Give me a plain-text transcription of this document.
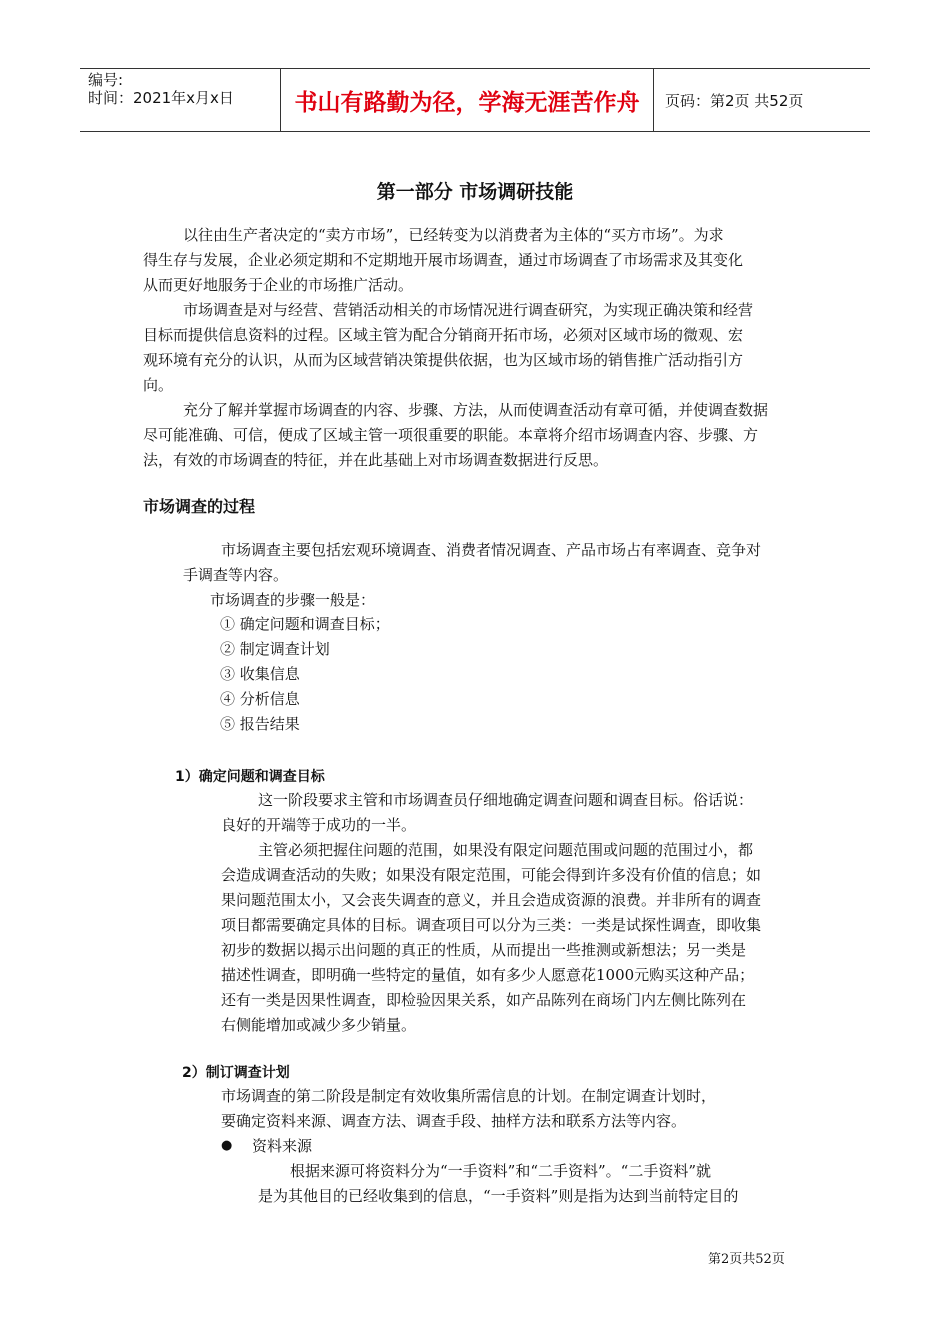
编号:
时间：2021年x月x日	书山有路勤为径，学海无涯苦作舟	页码：第2页 共52页
第一部分 市场调研技能
以往由生产者决定的“卖方市场”，已经转变为以消费者为主体的“买方市场”。为求
得生存与发展，企业必须定期和不定期地开展市场调查，通过市场调查了市场需求及其变化
从而更好地服务于企业的市场推广活动。
市场调查是对与经营、营销活动相关的市场情况进行调查研究，为实现正确决策和经营
目标而提供信息资料的过程。区域主管为配合分销商开拓市场，必须对区域市场的微观、宏
观环境有充分的认识，从而为区域营销决策提供依据，也为区域市场的销售推广活动指引方
向。
充分了解并掌握市场调查的内容、步骤、方法，从而使调查活动有章可循，并使调查数据
尽可能准确、可信，便成了区域主管一项很重要的职能。本章将介绍市场调查内容、步骤、方
法，有效的市场调查的特征，并在此基础上对市场调查数据进行反思。
市场调查的过程
市场调查主要包括宏观环境调查、消费者情况调查、产品市场占有率调查、竞争对
手调查等内容。
市场调查的步骤一般是：
① 确定问题和调查目标；
② 制定调查计划
③ 收集信息
④ 分析信息
⑤ 报告结果
1）确定问题和调查目标
这一阶段要求主管和市场调查员仔细地确定调查问题和调查目标。俗话说：
良好的开端等于成功的一半。
主管必须把握住问题的范围，如果没有限定问题范围或问题的范围过小，都
会造成调查活动的失败；如果没有限定范围，可能会得到许多没有价值的信息；如
果问题范围太小，又会丧失调查的意义，并且会造成资源的浪费。并非所有的调查
项目都需要确定具体的目标。调查项目可以分为三类：一类是试探性调查，即收集
初步的数据以揭示出问题的真正的性质，从而提出一些推测或新想法；另一类是
描述性调查，即明确一些特定的量值，如有多少人愿意花1000元购买这种产品；
还有一类是因果性调查，即检验因果关系，如产品陈列在商场门内左侧比陈列在
右侧能增加或减少多少销量。
2）制订调查计划
市场调查的第二阶段是制定有效收集所需信息的计划。在制定调查计划时，
要确定资料来源、调查方法、调查手段、抽样方法和联系方法等内容。
● 资料来源
根据来源可将资料分为“一手资料”和“二手资料”。“二手资料”就
是为其他目的已经收集到的信息，“一手资料”则是指为达到当前特定目的
第2页共52页
